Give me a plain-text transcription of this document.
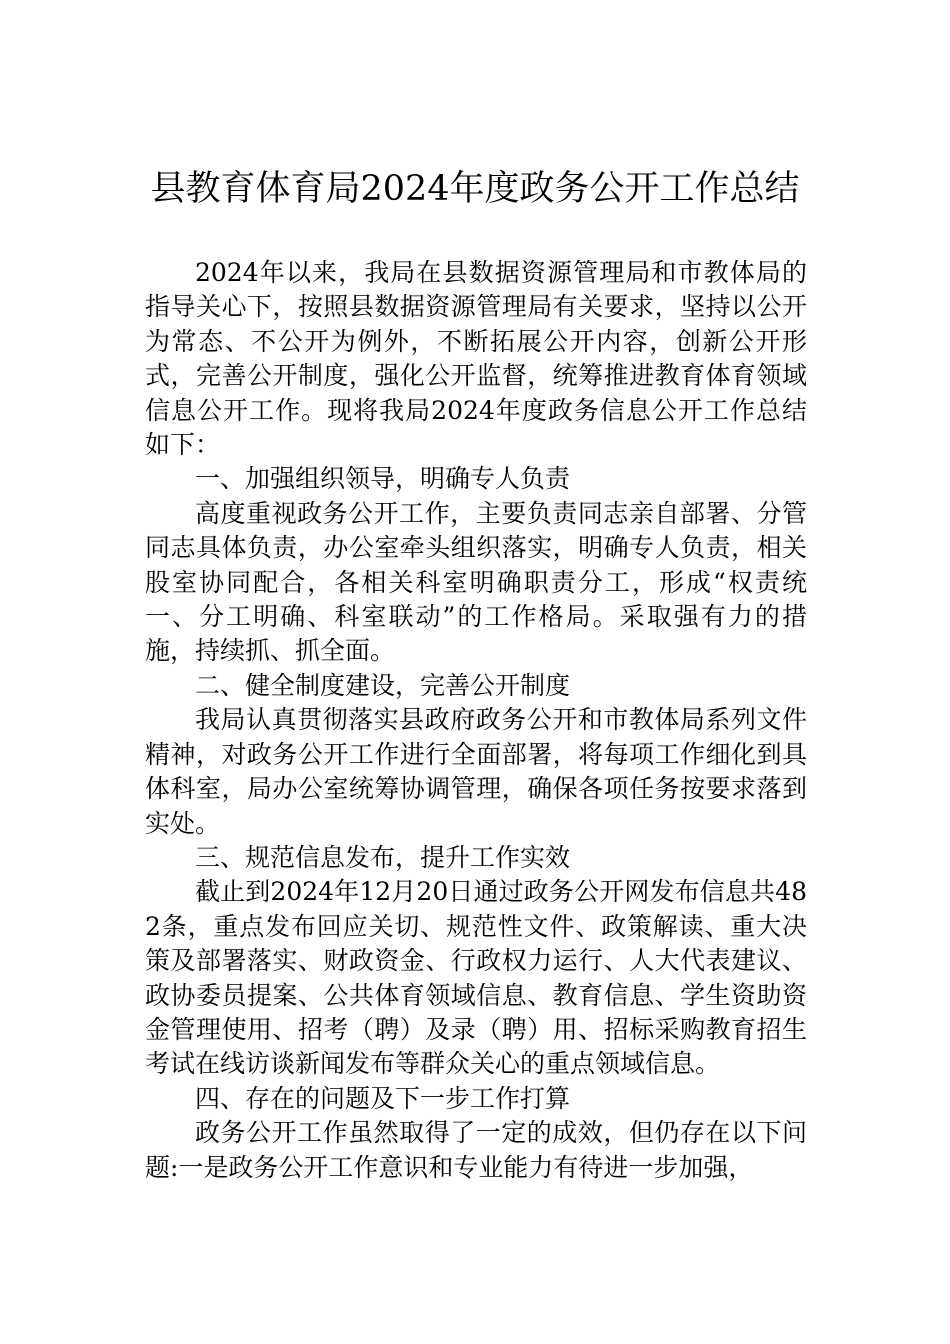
县教育体育局2024年度政务公开工作总结

2024年以来，我局在县数据资源管理局和市教体局的指导关心下，按照县数据资源管理局有关要求，坚持以公开为常态、不公开为例外，不断拓展公开内容，创新公开形式，完善公开制度，强化公开监督，统筹推进教育体育领域信息公开工作。现将我局2024年度政务信息公开工作总结如下：

一、加强组织领导，明确专人负责

高度重视政务公开工作，主要负责同志亲自部署、分管同志具体负责，办公室牵头组织落实，明确专人负责，相关股室协同配合，各相关科室明确职责分工，形成“权责统一、分工明确、科室联动”的工作格局。采取强有力的措施，持续抓、抓全面。

二、健全制度建设，完善公开制度

我局认真贯彻落实县政府政务公开和市教体局系列文件精神，对政务公开工作进行全面部署，将每项工作细化到具体科室，局办公室统筹协调管理，确保各项任务按要求落到实处。

三、规范信息发布，提升工作实效

截止到2024年12月20日通过政务公开网发布信息共482条，重点发布回应关切、规范性文件、政策解读、重大决策及部署落实、财政资金、行政权力运行、人大代表建议、政协委员提案、公共体育领域信息、教育信息、学生资助资金管理使用、招考（聘）及录（聘）用、招标采购教育招生考试在线访谈新闻发布等群众关心的重点领域信息。

四、存在的问题及下一步工作打算

政务公开工作虽然取得了一定的成效，但仍存在以下问题:一是政务公开工作意识和专业能力有待进一步加强，
